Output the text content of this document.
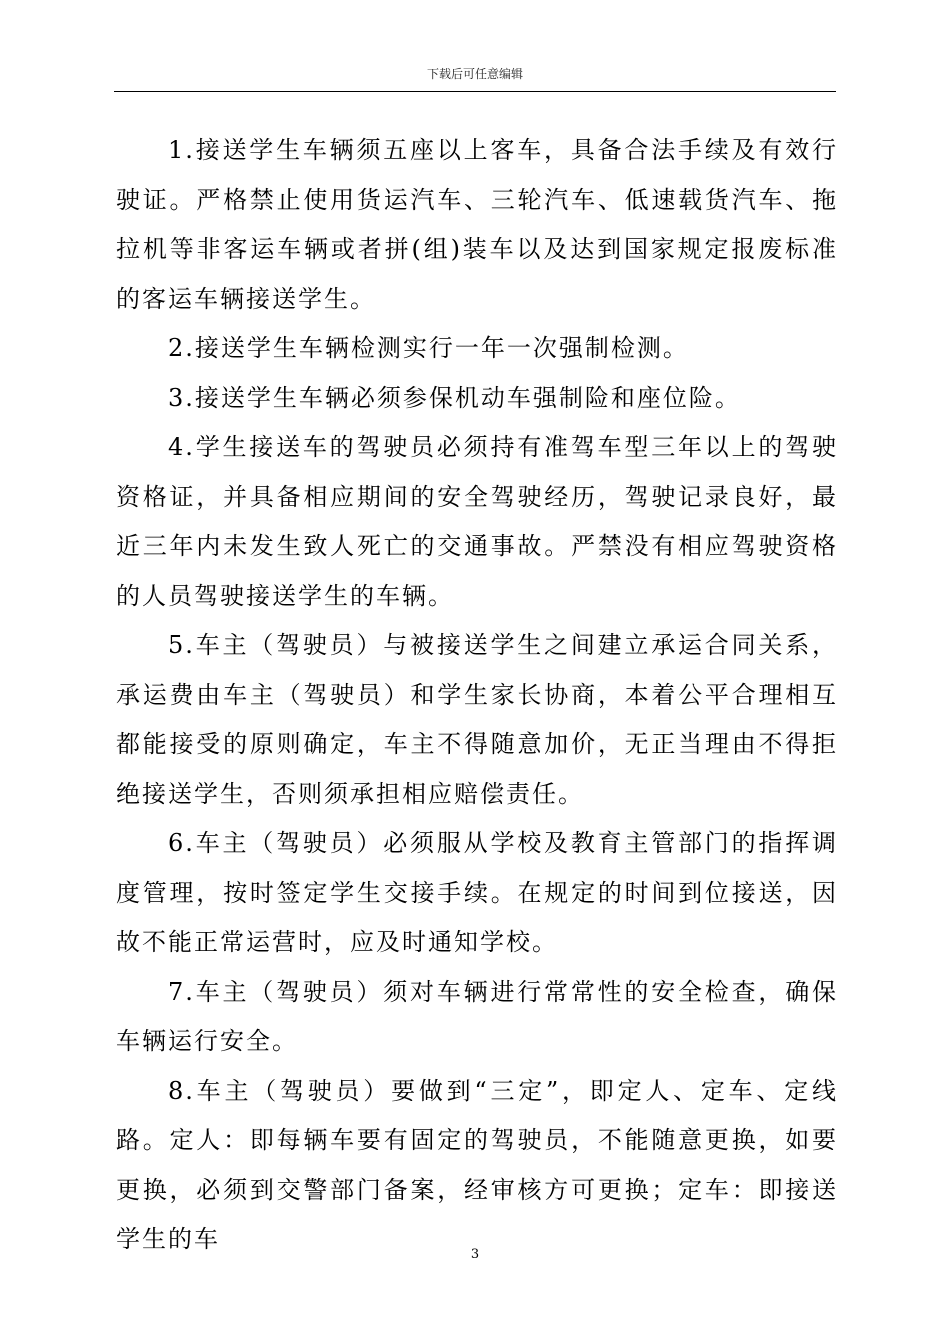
下载后可任意编辑

1.接送学生车辆须五座以上客车，具备合法手续及有效行驶证。严格禁止使用货运汽车、三轮汽车、低速载货汽车、拖拉机等非客运车辆或者拼(组)装车以及达到国家规定报废标准的客运车辆接送学生。

2.接送学生车辆检测实行一年一次强制检测。

3.接送学生车辆必须参保机动车强制险和座位险。

4.学生接送车的驾驶员必须持有准驾车型三年以上的驾驶资格证，并具备相应期间的安全驾驶经历，驾驶记录良好，最近三年内未发生致人死亡的交通事故。严禁没有相应驾驶资格的人员驾驶接送学生的车辆。

5.车主（驾驶员）与被接送学生之间建立承运合同关系，承运费由车主（驾驶员）和学生家长协商，本着公平合理相互都能接受的原则确定，车主不得随意加价，无正当理由不得拒绝接送学生，否则须承担相应赔偿责任。

6.车主（驾驶员）必须服从学校及教育主管部门的指挥调度管理，按时签定学生交接手续。在规定的时间到位接送，因故不能正常运营时，应及时通知学校。

7.车主（驾驶员）须对车辆进行常常性的安全检查，确保车辆运行安全。

8.车主（驾驶员）要做到“三定”，即定人、定车、定线路。定人：即每辆车要有固定的驾驶员，不能随意更换，如要更换，必须到交警部门备案，经审核方可更换；定车：即接送学生的车

3
